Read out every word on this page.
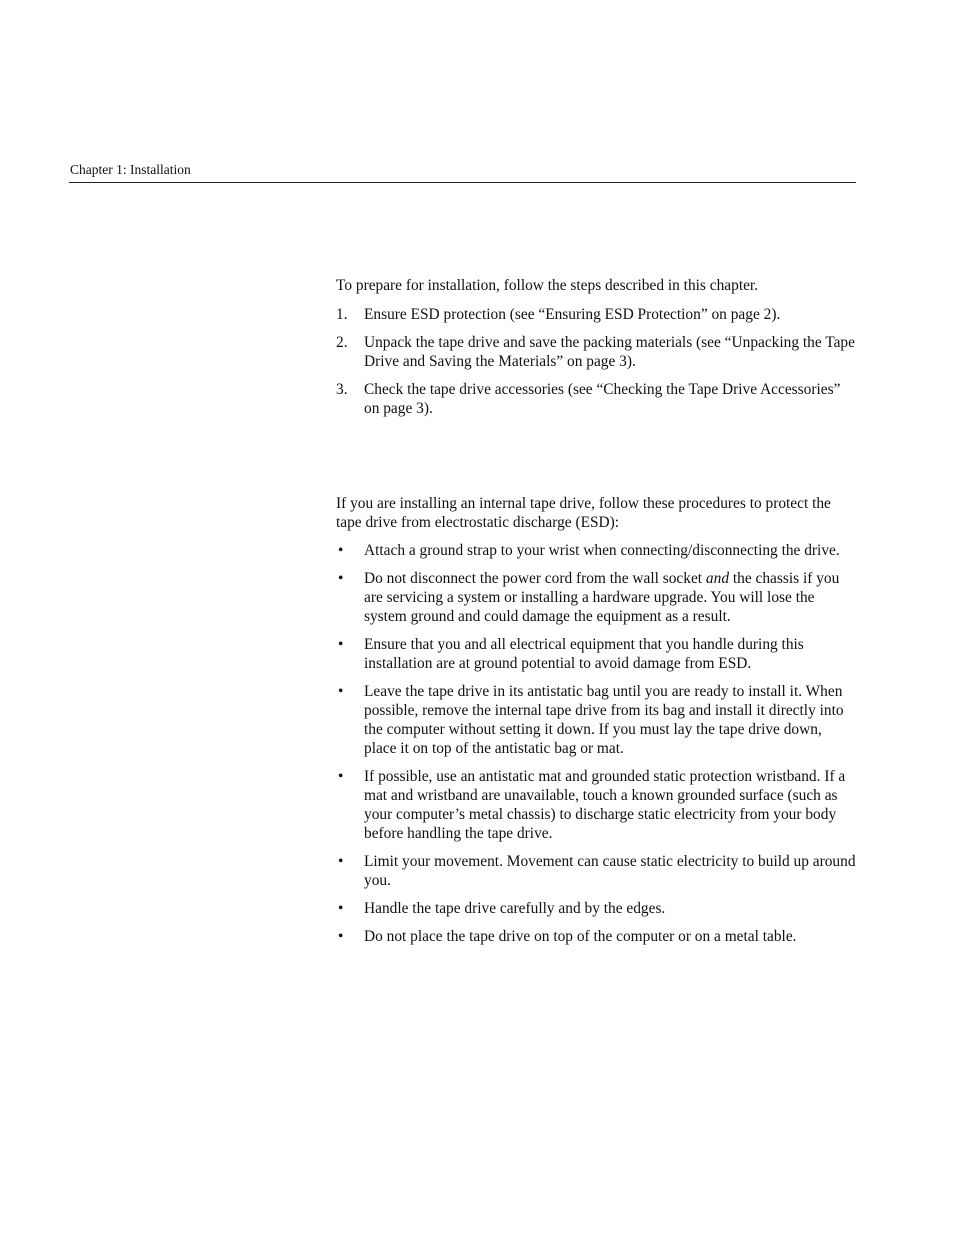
Chapter 1: Installation

To prepare for installation, follow the steps described in this chapter.

1. Ensure ESD protection (see “Ensuring ESD Protection” on page 2).
2. Unpack the tape drive and save the packing materials (see “Unpacking the Tape Drive and Saving the Materials” on page 3).
3. Check the tape drive accessories (see “Checking the Tape Drive Accessories” on page 3).

If you are installing an internal tape drive, follow these procedures to protect the tape drive from electrostatic discharge (ESD):

• Attach a ground strap to your wrist when connecting/disconnecting the drive.
• Do not disconnect the power cord from the wall socket and the chassis if you are servicing a system or installing a hardware upgrade. You will lose the system ground and could damage the equipment as a result.
• Ensure that you and all electrical equipment that you handle during this installation are at ground potential to avoid damage from ESD.
• Leave the tape drive in its antistatic bag until you are ready to install it. When possible, remove the internal tape drive from its bag and install it directly into the computer without setting it down. If you must lay the tape drive down, place it on top of the antistatic bag or mat.
• If possible, use an antistatic mat and grounded static protection wristband. If a mat and wristband are unavailable, touch a known grounded surface (such as your computer’s metal chassis) to discharge static electricity from your body before handling the tape drive.
• Limit your movement. Movement can cause static electricity to build up around you.
• Handle the tape drive carefully and by the edges.
• Do not place the tape drive on top of the computer or on a metal table.
